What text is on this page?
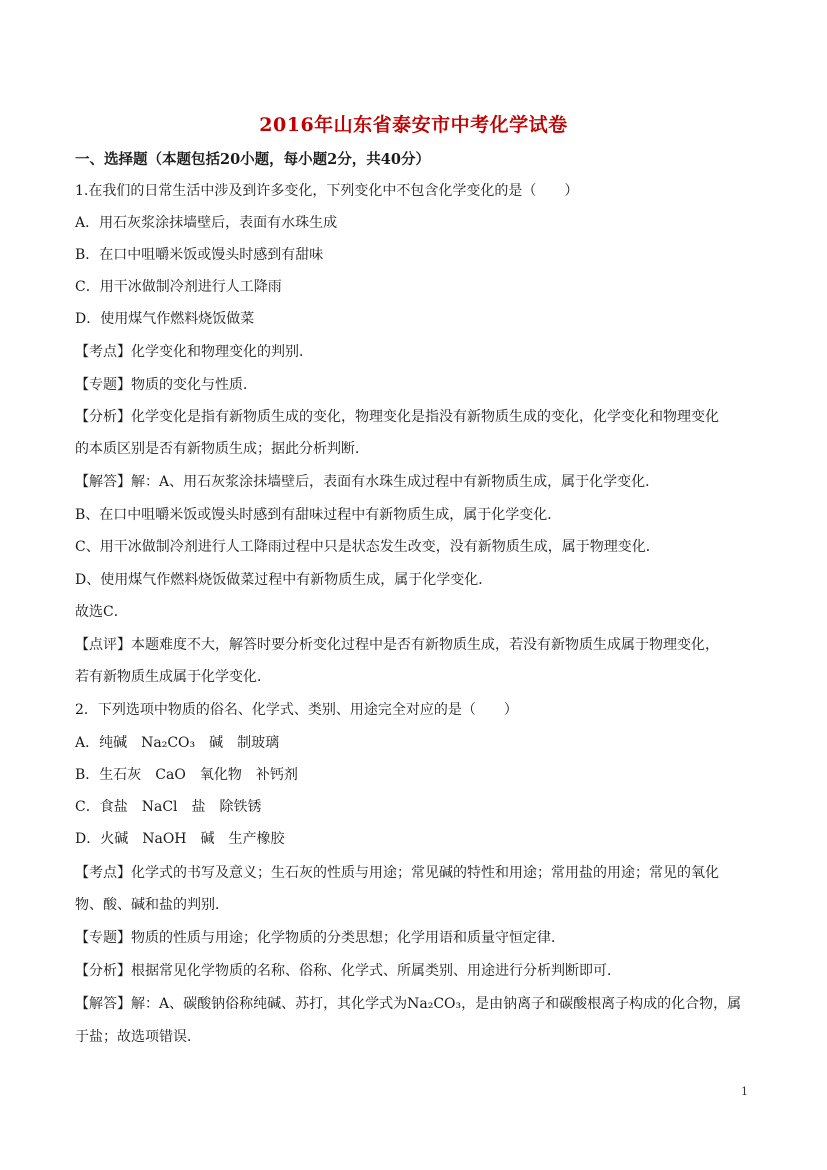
2016年山东省泰安市中考化学试卷
一、选择题（本题包括20小题，每小题2分，共40分）
1.在我们的日常生活中涉及到许多变化，下列变化中不包含化学变化的是（　　）
A．用石灰浆涂抹墙壁后，表面有水珠生成
B．在口中咀嚼米饭或馒头时感到有甜味
C．用干冰做制冷剂进行人工降雨
D．使用煤气作燃料烧饭做菜
【考点】化学变化和物理变化的判别．
【专题】物质的变化与性质．
【分析】化学变化是指有新物质生成的变化，物理变化是指没有新物质生成的变化，化学变化和物理变化
的本质区别是否有新物质生成；据此分析判断．
【解答】解：A、用石灰浆涂抹墙壁后，表面有水珠生成过程中有新物质生成，属于化学变化．
B、在口中咀嚼米饭或馒头时感到有甜味过程中有新物质生成，属于化学变化．
C、用干冰做制冷剂进行人工降雨过程中只是状态发生改变，没有新物质生成，属于物理变化．
D、使用煤气作燃料烧饭做菜过程中有新物质生成，属于化学变化．
故选C．
【点评】本题难度不大，解答时要分析变化过程中是否有新物质生成，若没有新物质生成属于物理变化，
若有新物质生成属于化学变化．
2．下列选项中物质的俗名、化学式、类别、用途完全对应的是（　　）
A．纯碱 Na₂CO₃ 碱 制玻璃
B．生石灰 CaO 氧化物 补钙剂
C．食盐 NaCl 盐 除铁锈
D．火碱 NaOH 碱 生产橡胶
【考点】化学式的书写及意义；生石灰的性质与用途；常见碱的特性和用途；常用盐的用途；常见的氧化
物、酸、碱和盐的判别．
【专题】物质的性质与用途；化学物质的分类思想；化学用语和质量守恒定律．
【分析】根据常见化学物质的名称、俗称、化学式、所属类别、用途进行分析判断即可．
【解答】解：A、碳酸钠俗称纯碱、苏打，其化学式为Na₂CO₃，是由钠离子和碳酸根离子构成的化合物，属
于盐；故选项错误．
1
